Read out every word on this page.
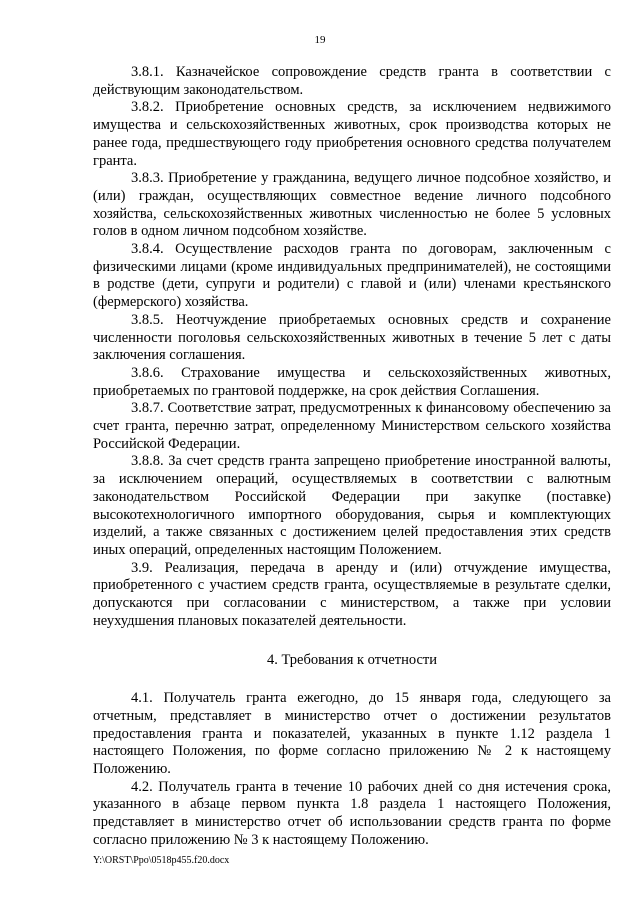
19

3.8.1. Казначейское сопровождение средств гранта в соответствии с действующим законодательством.

3.8.2. Приобретение основных средств, за исключением недвижимого имущества и сельскохозяйственных животных, срок производства которых не ранее года, предшествующего году приобретения основного средства получателем гранта.

3.8.3. Приобретение у гражданина, ведущего личное подсобное хозяйство, и (или) граждан, осуществляющих совместное ведение личного подсобного хозяйства, сельскохозяйственных животных численностью не более 5 условных голов в одном личном подсобном хозяйстве.

3.8.4. Осуществление расходов гранта по договорам, заключенным с физическими лицами (кроме индивидуальных предпринимателей), не состоящими в родстве (дети, супруги и родители) с главой и (или) членами крестьянского (фермерского) хозяйства.

3.8.5. Неотчуждение приобретаемых основных средств и сохранение численности поголовья сельскохозяйственных животных в течение 5 лет с даты заключения соглашения.

3.8.6. Страхование имущества и сельскохозяйственных животных, приобретаемых по грантовой поддержке, на срок действия Соглашения.

3.8.7. Соответствие затрат, предусмотренных к финансовому обеспечению за счет гранта, перечню затрат, определенному Министерством сельского хозяйства Российской Федерации.

3.8.8. За счет средств гранта запрещено приобретение иностранной валюты, за исключением операций, осуществляемых в соответствии с валютным законодательством Российской Федерации при закупке (поставке) высокотехнологичного импортного оборудования, сырья и комплектующих изделий, а также связанных с достижением целей предоставления этих средств иных операций, определенных настоящим Положением.

3.9. Реализация, передача в аренду и (или) отчуждение имущества, приобретенного с участием средств гранта, осуществляемые в результате сделки, допускаются при согласовании с министерством, а также при условии неухудшения плановых показателей деятельности.

4. Требования к отчетности

4.1. Получатель гранта ежегодно, до 15 января года, следующего за отчетным, представляет в министерство отчет о достижении результатов предоставления гранта и показателей, указанных в пункте 1.12 раздела 1 настоящего Положения, по форме согласно приложению № 2 к настоящему Положению.

4.2. Получатель гранта в течение 10 рабочих дней со дня истечения срока, указанного в абзаце первом пункта 1.8 раздела 1 настоящего Положения, представляет в министерство отчет об использовании средств гранта по форме согласно приложению № 3 к настоящему Положению.

Y:\ORST\Ppo\0518p455.f20.docx
